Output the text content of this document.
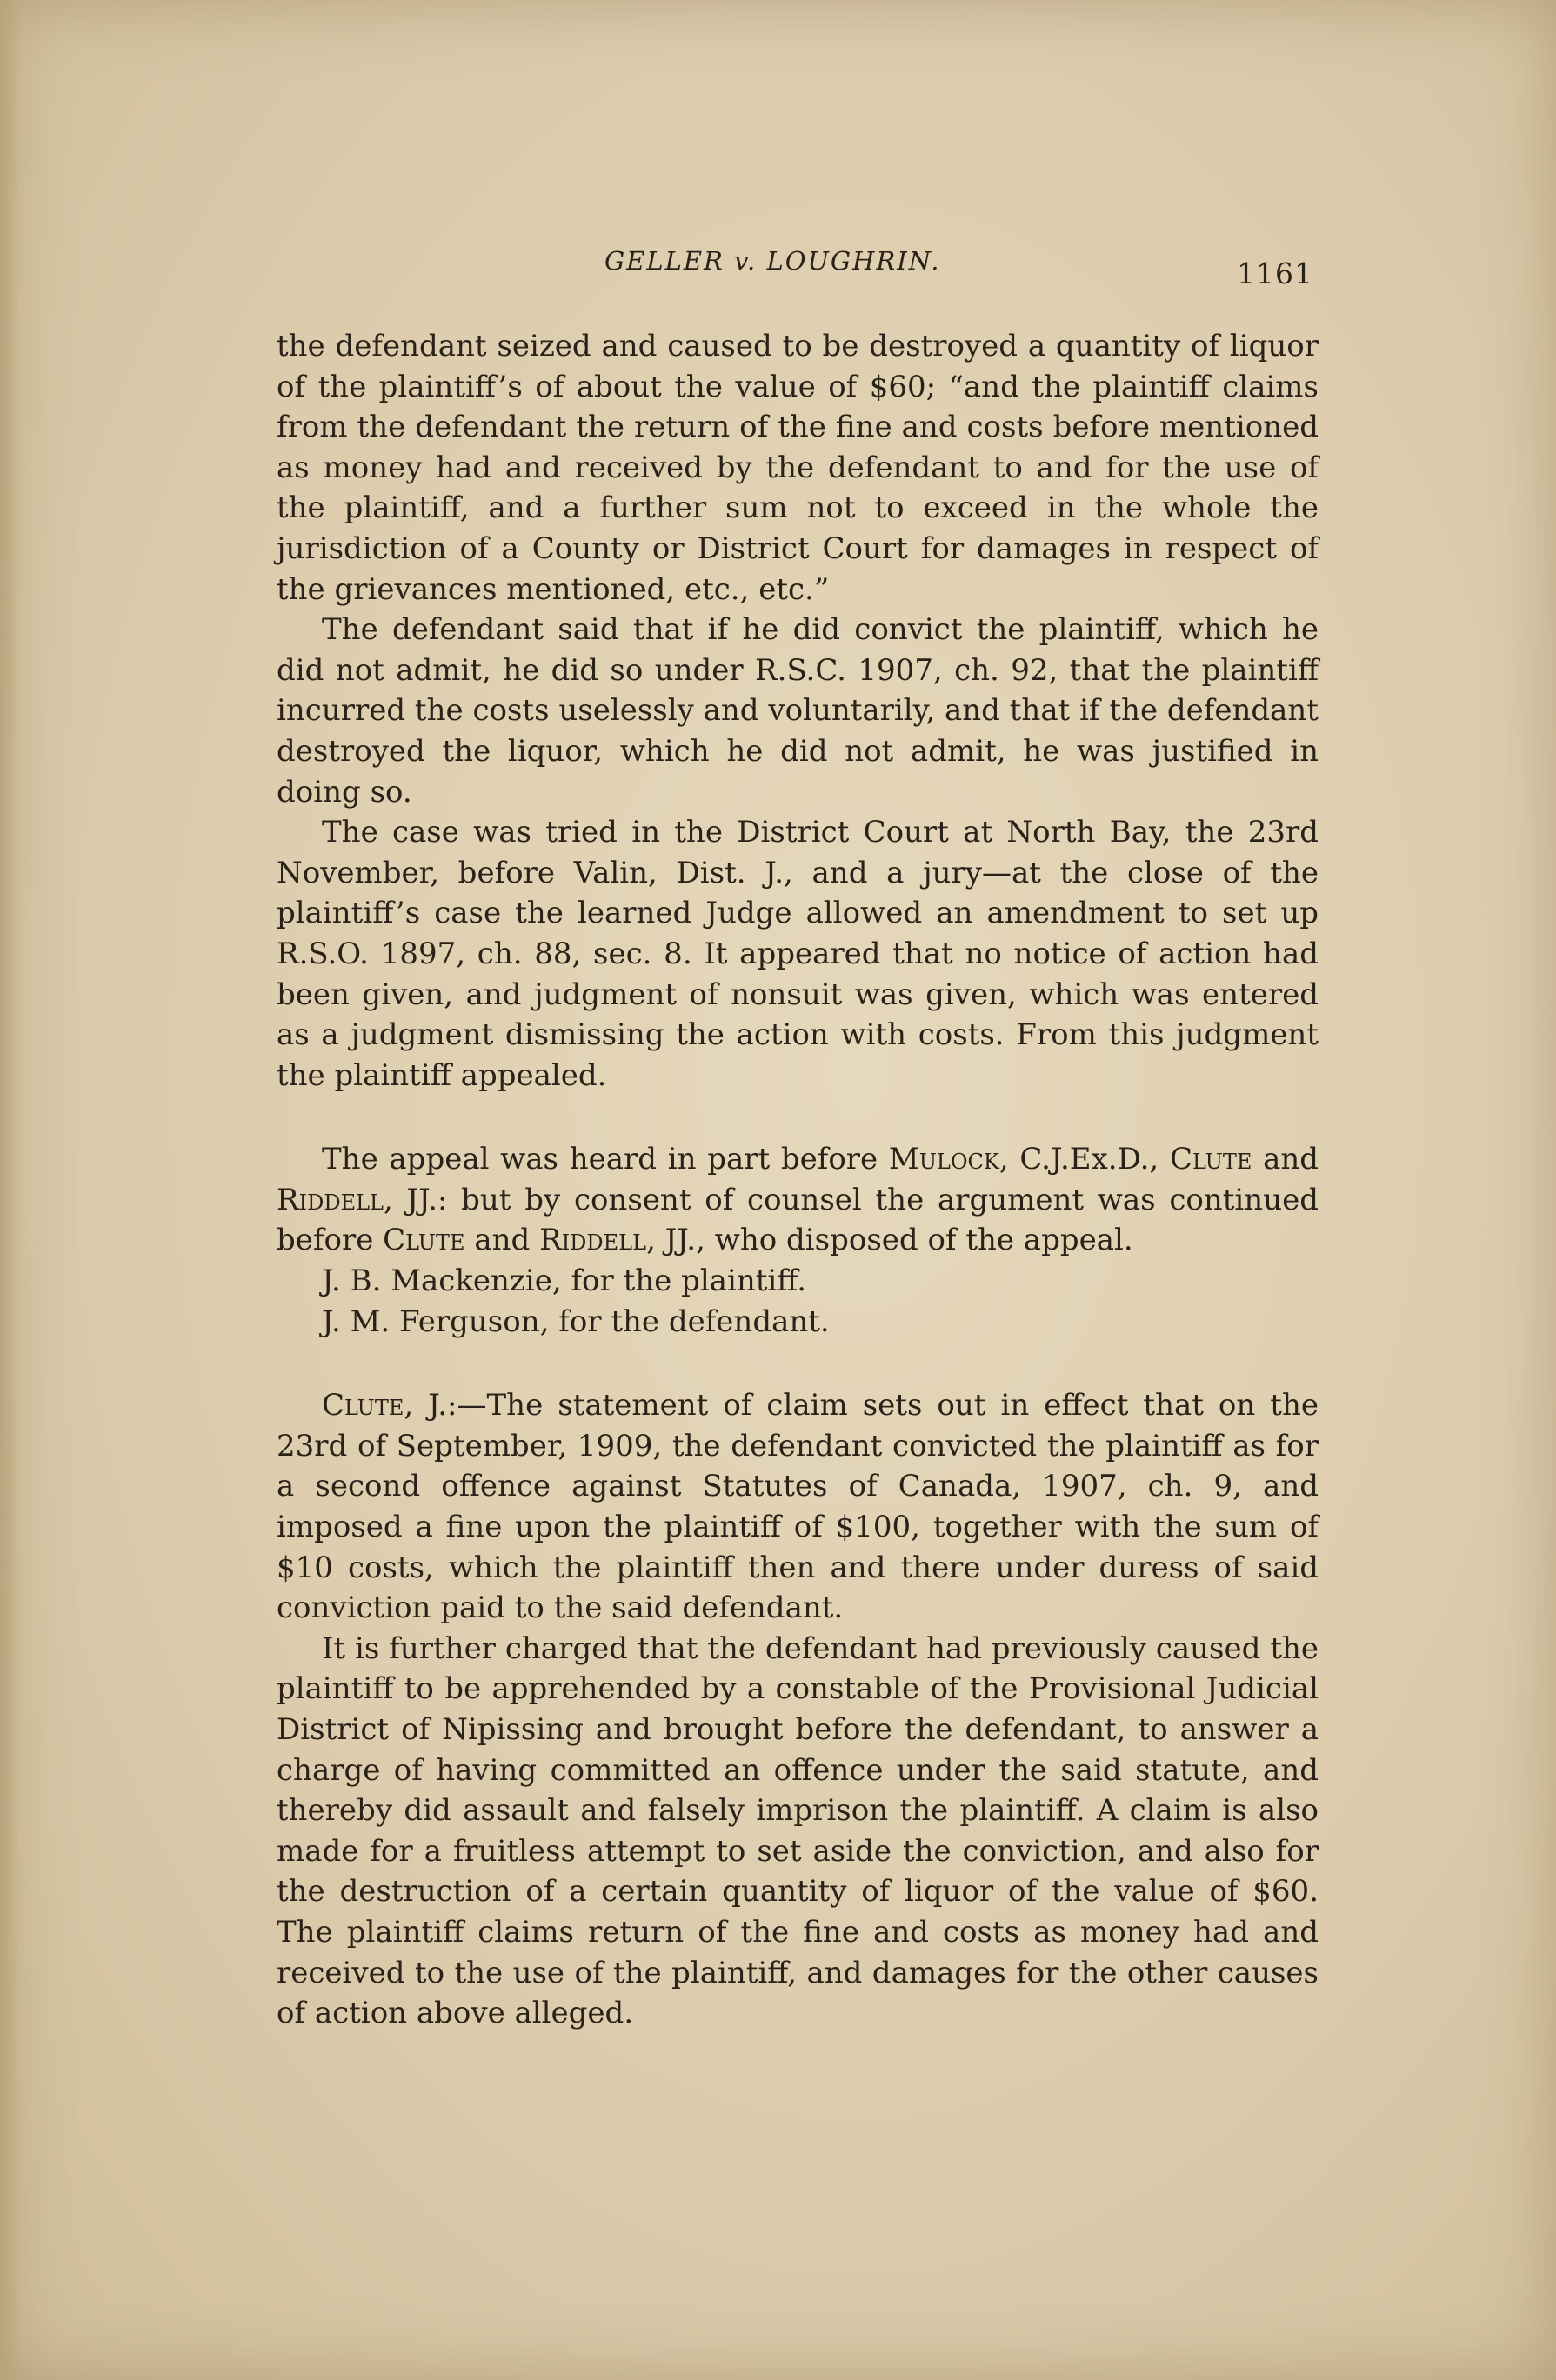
GELLER v. LOUGHRIN.	1161

the defendant seized and caused to be destroyed a quantity of liquor of the plaintiff’s of about the value of $60; “and the plaintiff claims from the defendant the return of the fine and costs before mentioned as money had and received by the defendant to and for the use of the plaintiff, and a further sum not to exceed in the whole the jurisdiction of a County or District Court for damages in respect of the grievances mentioned, etc., etc.”

The defendant said that if he did convict the plaintiff, which he did not admit, he did so under R.S.C. 1907, ch. 92, that the plaintiff incurred the costs uselessly and voluntarily, and that if the defendant destroyed the liquor, which he did not admit, he was justified in doing so.

The case was tried in the District Court at North Bay, the 23rd November, before Valin, Dist. J., and a jury—at the close of the plaintiff’s case the learned Judge allowed an amendment to set up R.S.O. 1897, ch. 88, sec. 8. It appeared that no notice of action had been given, and judgment of nonsuit was given, which was entered as a judgment dismissing the action with costs. From this judgment the plaintiff appealed.

The appeal was heard in part before Mulock, C.J.Ex.D., Clute and Riddell, JJ.: but by consent of counsel the argument was continued before Clute and Riddell, JJ., who disposed of the appeal.

J. B. Mackenzie, for the plaintiff.

J. M. Ferguson, for the defendant.

Clute, J.:—The statement of claim sets out in effect that on the 23rd of September, 1909, the defendant convicted the plaintiff as for a second offence against Statutes of Canada, 1907, ch. 9, and imposed a fine upon the plaintiff of $100, together with the sum of $10 costs, which the plaintiff then and there under duress of said conviction paid to the said defendant.

It is further charged that the defendant had previously caused the plaintiff to be apprehended by a constable of the Provisional Judicial District of Nipissing and brought before the defendant, to answer a charge of having committed an offence under the said statute, and thereby did assault and falsely imprison the plaintiff. A claim is also made for a fruitless attempt to set aside the conviction, and also for the destruction of a certain quantity of liquor of the value of $60. The plaintiff claims return of the fine and costs as money had and received to the use of the plaintiff, and damages for the other causes of action above alleged.
